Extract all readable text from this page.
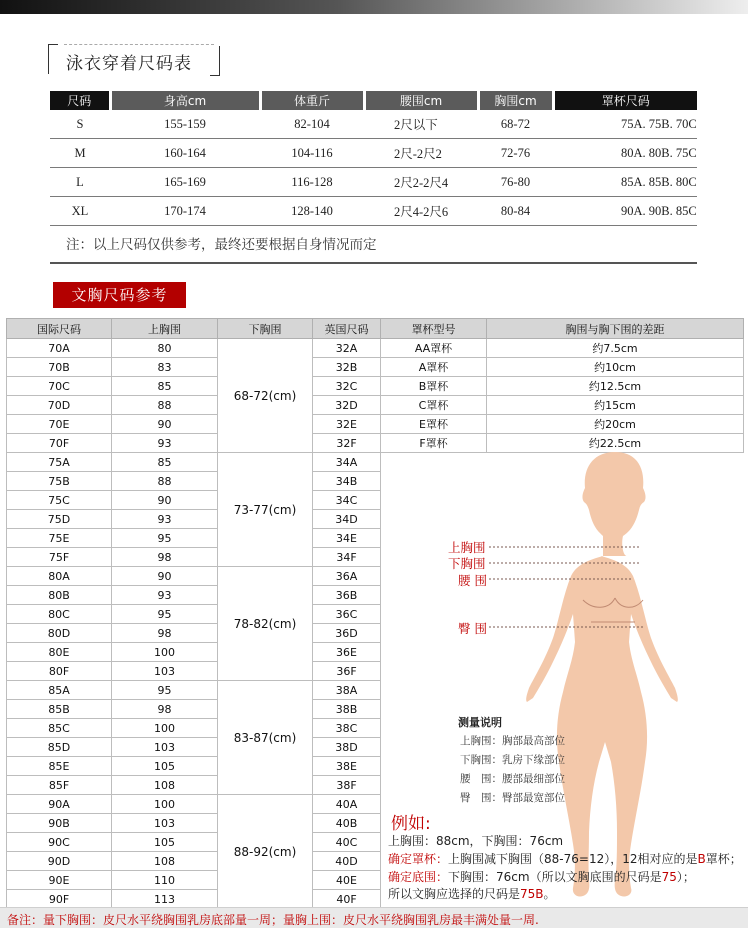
泳衣穿着尺码表
尺码	身高cm	体重斤	腰围cm	胸围cm	罩杯尺码
S	155-159	82-104	2尺以下	68-72	75A. 75B. 70C
M	160-164	104-116	2尺-2尺2	72-76	80A. 80B. 75C
L	165-169	116-128	2尺2-2尺4	76-80	85A. 85B. 80C
XL	170-174	128-140	2尺4-2尺6	80-84	90A. 90B. 85C
注：以上尺码仅供参考，最终还要根据自身情况而定
文胸尺码参考
国际尺码	上胸围	下胸围	英国尺码	罩杯型号	胸围与胸下围的差距
70A	80	68-72(cm)	32A	AA罩杯	约7.5cm
70B	83		32B	A罩杯	约10cm
70C	85		32C	B罩杯	约12.5cm
70D	88		32D	C罩杯	约15cm
70E	90		32E	E罩杯	约20cm
70F	93		32F	F罩杯	约22.5cm
75A	85	73-77(cm)	34A		
75B	88		34B		
75C	90		34C		
75D	93		34D		
75E	95		34E		
75F	98		34F		
80A	90	78-82(cm)	36A		
80B	93		36B		
80C	95		36C		
80D	98		36D		
80E	100		36E		
80F	103		36F		
85A	95	83-87(cm)	38A		
85B	98		38B		
85C	100		38C		
85D	103		38D		
85E	105		38E		
85F	108		38F		
90A	100	88-92(cm)	40A		
90B	103		40B		
90C	105		40C		
90D	108		40D		
90E	110		40E		
90F	113		40F		
上胸围
下胸围
腰 围
臀 围
测量说明
上胸围：胸部最高部位
下胸围：乳房下缘部位
腰　围：腰部最细部位
臀　围：臀部最宽部位
例如:
上胸围：88cm，下胸围：76cm
确定罩杯：上胸围减下胸围（88-76=12），12相对应的是B罩杯；
确定底围：下胸围：76cm（所以文胸底围的尺码是75）；
所以文胸应选择的尺码是75B。
备注：量下胸围：皮尺水平绕胸围乳房底部量一周；量胸上围：皮尺水平绕胸围乳房最丰满处量一周.
